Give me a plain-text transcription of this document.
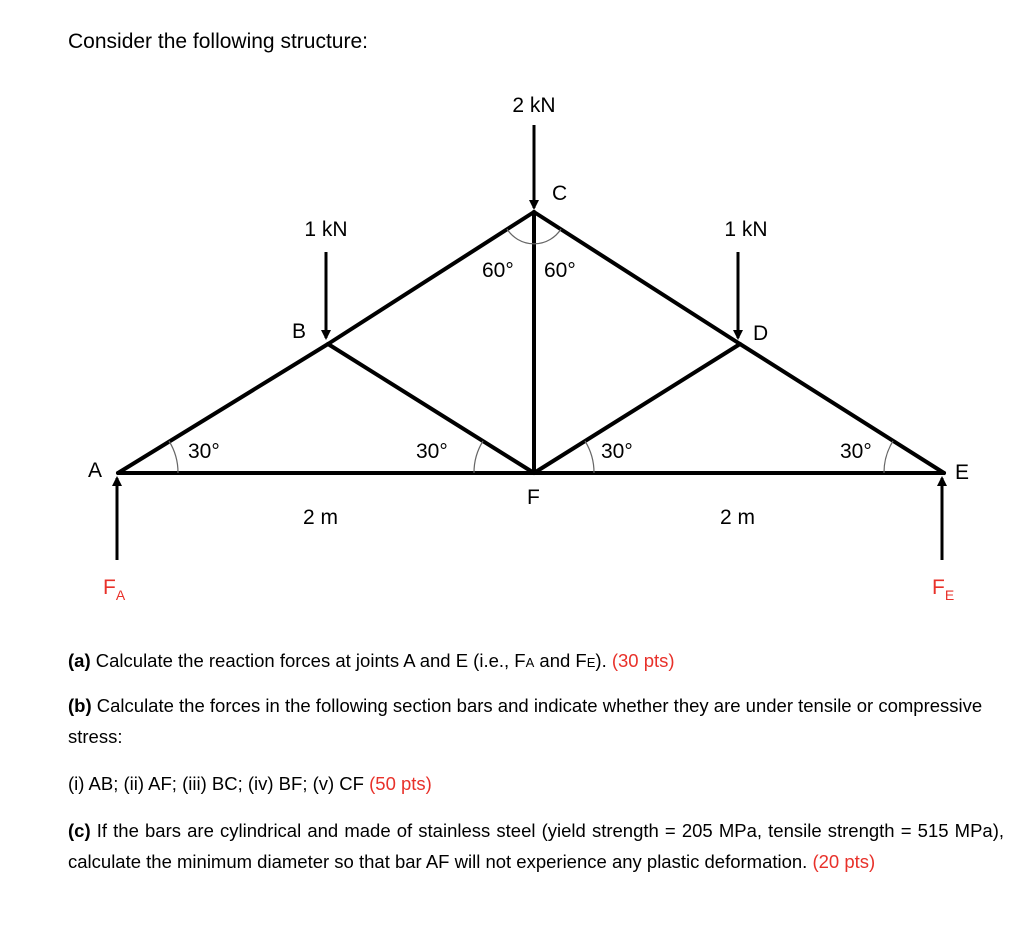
Consider the following structure:
2 kN
1 kN	1 kN
C
B	D
A	E
F
60° 60°
30°	30°	30°	30°
2 m	2 m
$F_A$	$F_E$
(a) Calculate the reaction forces at joints A and E (i.e., FA and FE). (30 pts)
(b) Calculate the forces in the following section bars and indicate whether they are under tensile or compressive stress:
(i) AB; (ii) AF; (iii) BC; (iv) BF; (v) CF (50 pts)
(c) If the bars are cylindrical and made of stainless steel (yield strength = 205 MPa, tensile strength = 515 MPa), calculate the minimum diameter so that bar AF will not experience any plastic deformation. (20 pts)
